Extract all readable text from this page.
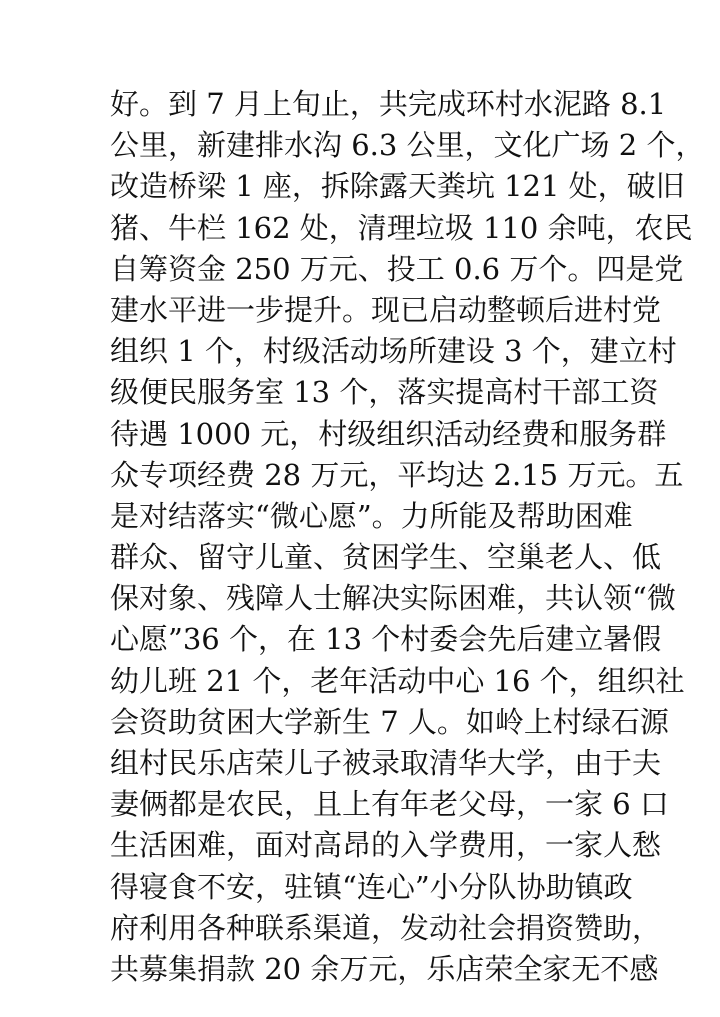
好。到 7 月上旬止，共完成环村水泥路 8.1
公里，新建排水沟 6.3 公里，文化广场 2 个，
改造桥梁 1 座，拆除露天粪坑 121 处，破旧
猪、牛栏 162 处，清理垃圾 110 余吨，农民
自筹资金 250 万元、投工 0.6 万个。四是党
建水平进一步提升。现已启动整顿后进村党
组织 1 个，村级活动场所建设 3 个，建立村
级便民服务室 13 个，落实提高村干部工资
待遇 1000 元，村级组织活动经费和服务群
众专项经费 28 万元，平均达 2.15 万元。五
是对结落实“微心愿”。力所能及帮助困难
群众、留守儿童、贫困学生、空巢老人、低
保对象、残障人士解决实际困难，共认领“微
心愿”36 个，在 13 个村委会先后建立暑假
幼儿班 21 个，老年活动中心 16 个，组织社
会资助贫困大学新生 7 人。如岭上村绿石源
组村民乐店荣儿子被录取清华大学，由于夫
妻俩都是农民，且上有年老父母，一家 6 口
生活困难，面对高昂的入学费用，一家人愁
得寝食不安，驻镇“连心”小分队协助镇政
府利用各种联系渠道，发动社会捐资赞助，
共募集捐款 20 余万元，乐店荣全家无不感
